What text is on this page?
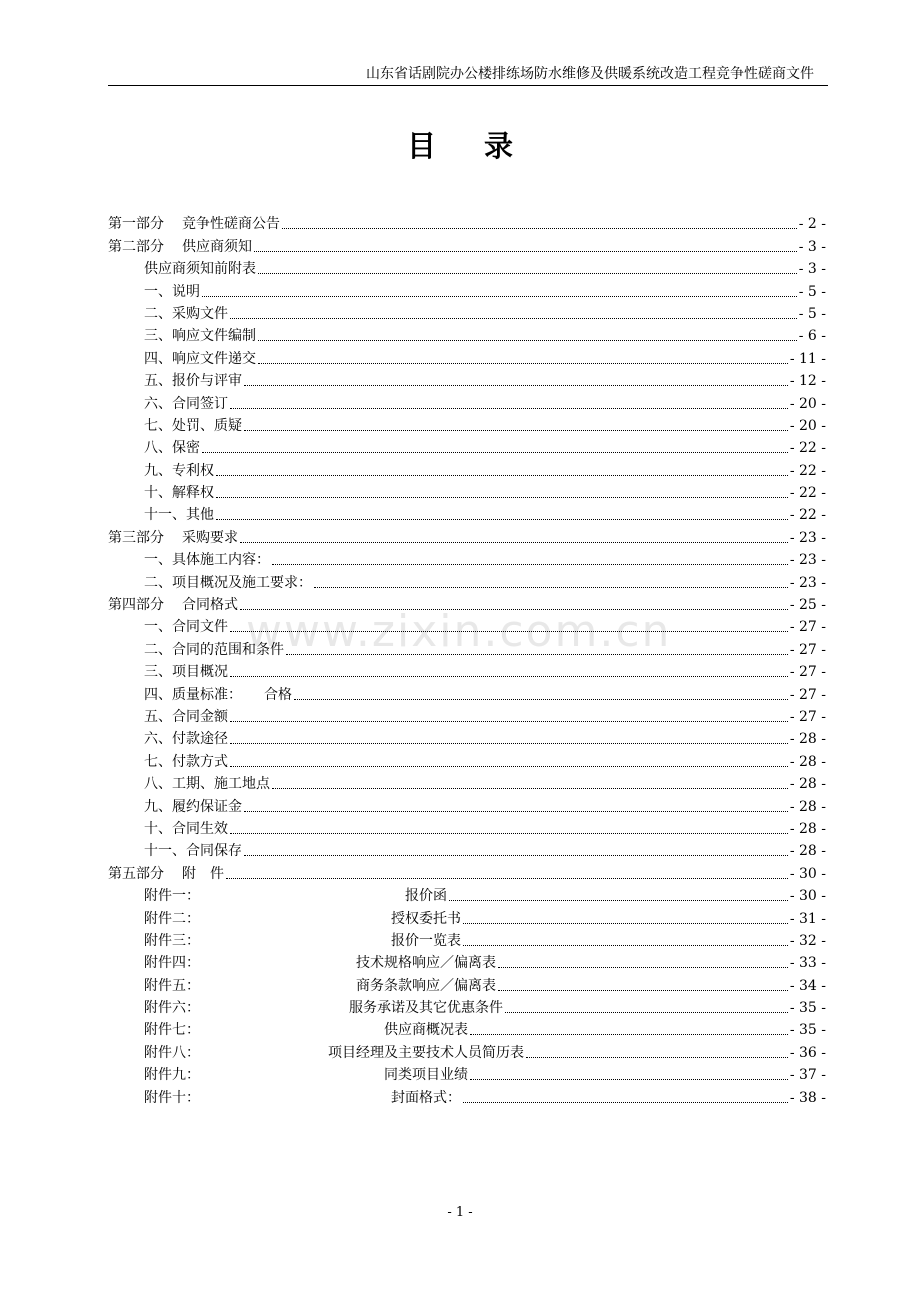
山东省话剧院办公楼排练场防水维修及供暖系统改造工程竞争性磋商文件
目录
www.zixin.com.cn
第一部分 竞争性磋商公告	- 2 -
第二部分 供应商须知	- 3 -
供应商须知前附表	- 3 -
一、说明	- 5 -
二、采购文件	- 5 -
三、响应文件编制	- 6 -
四、响应文件递交	- 11 -
五、报价与评审	- 12 -
六、合同签订	- 20 -
七、处罚、质疑	- 20 -
八、保密	- 22 -
九、专利权	- 22 -
十、解释权	- 22 -
十一、其他	- 22 -
第三部分 采购要求	- 23 -
一、具体施工内容：	- 23 -
二、项目概况及施工要求：	- 23 -
第四部分 合同格式	- 25 -
一、合同文件	- 27 -
二、合同的范围和条件	- 27 -
三、项目概况	- 27 -
四、质量标准： 合格	- 27 -
五、合同金额	- 27 -
六、付款途径	- 28 -
七、付款方式	- 28 -
八、工期、施工地点	- 28 -
九、履约保证金	- 28 -
十、合同生效	- 28 -
十一、合同保存	- 28 -
第五部分 附　件	- 30 -
附件一：	报价函	- 30 -
附件二：	授权委托书	- 31 -
附件三：	报价一览表	- 32 -
附件四：	技术规格响应／偏离表	- 33 -
附件五：	商务条款响应／偏离表	- 34 -
附件六：	服务承诺及其它优惠条件	- 35 -
附件七：	供应商概况表	- 35 -
附件八：	项目经理及主要技术人员简历表	- 36 -
附件九：	同类项目业绩	- 37 -
附件十：	封面格式：	- 38 -
- 1 -
